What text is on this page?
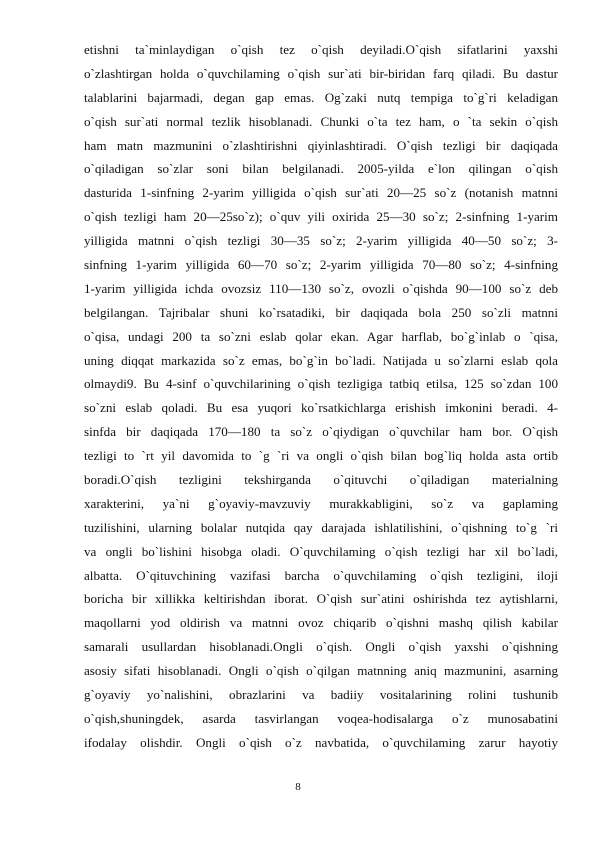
etishni ta`minlaydigan o`qish tez o`qish deyiladi.O`qish sifatlarini yaxshi
o`zlashtirgan holda o`quvchilaming o`qish sur`ati bir-biridan farq qiladi. Bu dastur
talablarini bajarmadi, degan gap emas. Og`zaki nutq tempiga to`g`ri keladigan
o`qish sur`ati normal tezlik hisoblanadi. Chunki o`ta tez ham, o `ta sekin o`qish
ham matn mazmunini o`zlashtirishni qiyinlashtiradi. O`qish tezligi bir daqiqada
o`qiladigan so`zlar soni bilan belgilanadi. 2005-yilda e`lon qilingan o`qish
dasturida 1-sinfning 2-yarim yilligida o`qish sur`ati 20—25 so`z (notanish matnni
o`qish tezligi ham 20—25so`z); o`quv yili oxirida 25—30 so`z; 2-sinfning 1-yarim
yilligida matnni o`qish tezligi 30—35 so`z; 2-yarim yilligida 40—50 so`z; 3-
sinfning 1-yarim yilligida 60—70 so`z; 2-yarim yilligida 70—80 so`z; 4-sinfning
1-yarim yilligida ichda ovozsiz 110—130 so`z, ovozli o`qishda 90—100 so`z deb
belgilangan. Tajribalar shuni ko`rsatadiki, bir daqiqada bola 250 so`zli matnni
o`qisa, undagi 200 ta so`zni eslab qolar ekan. Agar harflab, bo`g`inlab o `qisa,
uning diqqat markazida so`z emas, bo`g`in bo`ladi. Natijada u so`zlarni eslab qola
olmaydi9. Bu 4-sinf o`quvchilarining o`qish tezligiga tatbiq etilsa, 125 so`zdan 100
so`zni eslab qoladi. Bu esa yuqori ko`rsatkichlarga erishish imkonini beradi. 4-
sinfda bir daqiqada 170—180 ta so`z o`qiydigan o`quvchilar ham bor. O`qish
tezligi to `rt yil davomida to `g `ri va ongli o`qish bilan bog`liq holda asta ortib
boradi.O`qish tezligini tekshirganda o`qituvchi o`qiladigan materialning
xarakterini, ya`ni g`oyaviy-mavzuviy murakkabligini, so`z va gaplaming
tuzilishini, ularning bolalar nutqida qay darajada ishlatilishini, o`qishning to`g `ri
va ongli bo`lishini hisobga oladi. O`quvchilaming o`qish tezligi har xil bo`ladi,
albatta. O`qituvchining vazifasi barcha o`quvchilaming o`qish tezligini, iloji
boricha bir xillikka keltirishdan iborat. O`qish sur`atini oshirishda tez aytishlarni,
maqollarni yod oldirish va matnni ovoz chiqarib o`qishni mashq qilish kabilar
samarali usullardan hisoblanadi.Ongli o`qish. Ongli o`qish yaxshi o`qishning
asosiy sifati hisoblanadi. Ongli o`qish o`qilgan matnning aniq mazmunini, asarning
g`oyaviy yo`nalishini, obrazlarini va badiiy vositalarining rolini tushunib
o`qish,shuningdek, asarda tasvirlangan voqea-hodisalarga o`z munosabatini
ifodalay olishdir. Ongli o`qish o`z navbatida, o`quvchilaming zarur hayotiy
8
